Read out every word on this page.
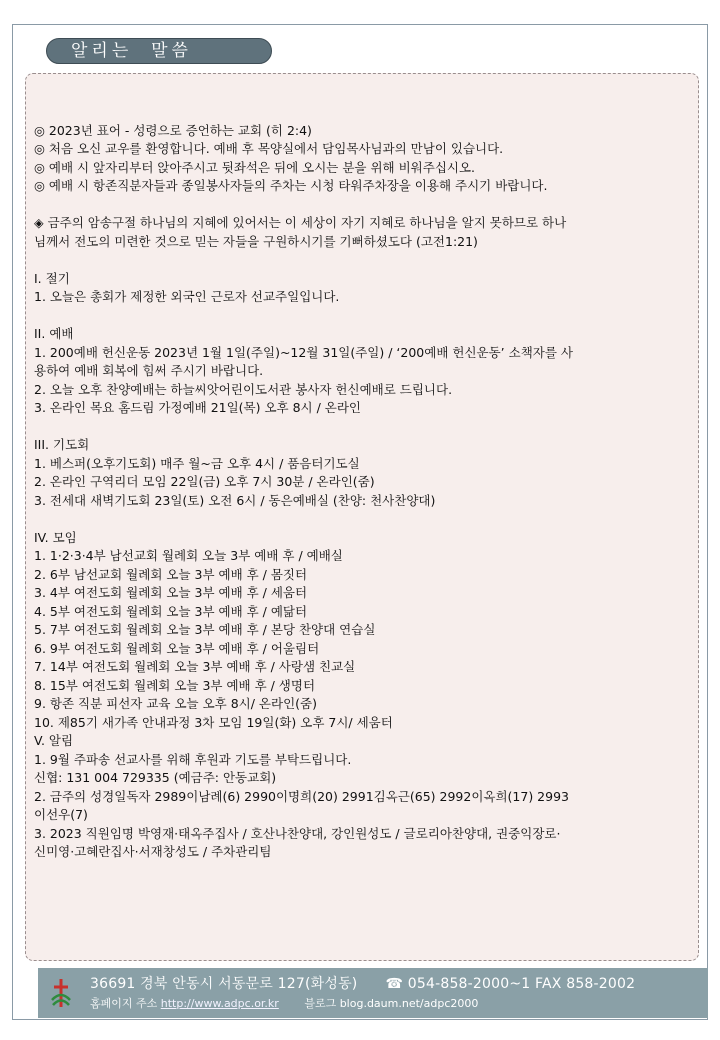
알리는  말씀

◎ 2023년 표어 - 성령으로 증언하는 교회 (히 2:4)

◎ 처음 오신 교우를 환영합니다. 예배 후 목양실에서 담임목사님과의 만남이 있습니다.

◎ 예배 시 앞자리부터 앉아주시고 뒷좌석은 뒤에 오시는 분을 위해 비워주십시오.

◎ 예배 시 항존직분자들과 종일봉사자들의 주차는 시청 타워주차장을 이용해 주시기 바랍니다.

◈ 금주의 암송구절 하나님의 지혜에 있어서는 이 세상이 자기 지혜로 하나님을 알지 못하므로 하나

님께서 전도의 미련한 것으로 믿는 자들을 구원하시기를 기뻐하셨도다 (고전1:21)

I. 절기

1. 오늘은 총회가 제정한 외국인 근로자 선교주일입니다.

II. 예배

1. 200예배 헌신운동 2023년 1월 1일(주일)~12월 31일(주일) / ‘200예배 헌신운동’ 소책자를 사

용하여 예배 회복에 힘써 주시기 바랍니다.

2. 오늘 오후 찬양예배는 하늘씨앗어린이도서관 봉사자 헌신예배로 드립니다.

3. 온라인 목요 홈드림 가정예배 21일(목) 오후 8시 / 온라인

III. 기도회

1. 베스퍼(오후기도회) 매주 월~금 오후 4시 / 품음터기도실

2. 온라인 구역리더 모임 22일(금) 오후 7시 30분 / 온라인(줌)

3. 전세대 새벽기도회 23일(토) 오전 6시 / 동은예배실 (찬양: 천사찬양대)

IV. 모임

1. 1·2·3·4부 남선교회 월례회 오늘 3부 예배 후 / 예배실

2. 6부 남선교회 월례회 오늘 3부 예배 후 / 몸짓터

3. 4부 여전도회 월례회 오늘 3부 예배 후 / 세움터

4. 5부 여전도회 월례회 오늘 3부 예배 후 / 예닮터

5. 7부 여전도회 월례회 오늘 3부 예배 후 / 본당 찬양대 연습실

6. 9부 여전도회 월례회 오늘 3부 예배 후 / 어울림터

7. 14부 여전도회 월례회 오늘 3부 예배 후 / 사랑샘 친교실

8. 15부 여전도회 월례회 오늘 3부 예배 후 / 생명터

9. 항존 직분 피선자 교육 오늘 오후 8시/ 온라인(줌)

10. 제85기 새가족 안내과정 3차 모임 19일(화) 오후 7시/ 세움터

V. 알림

1. 9월 주파송 선교사를 위해 후원과 기도를 부탁드립니다.

신협: 131 004 729335 (예금주: 안동교회)

2. 금주의 성경일독자 2989이남례(6) 2990이명희(20) 2991김옥근(65) 2992이옥희(17) 2993

이선우(7)

3. 2023 직원임명 박영재·태옥주집사 / 호산나찬양대, 강인원성도 / 글로리아찬양대, 권중익장로·

신미영·고혜란집사·서재창성도 / 주차관리팀

36691 경북 안동시 서동문로 127(화성동) ☎ 054-858-2000~1 FAX 858-2002
홈페이지 주소 http://www.adpc.or.kr 블로그 blog.daum.net/adpc2000
